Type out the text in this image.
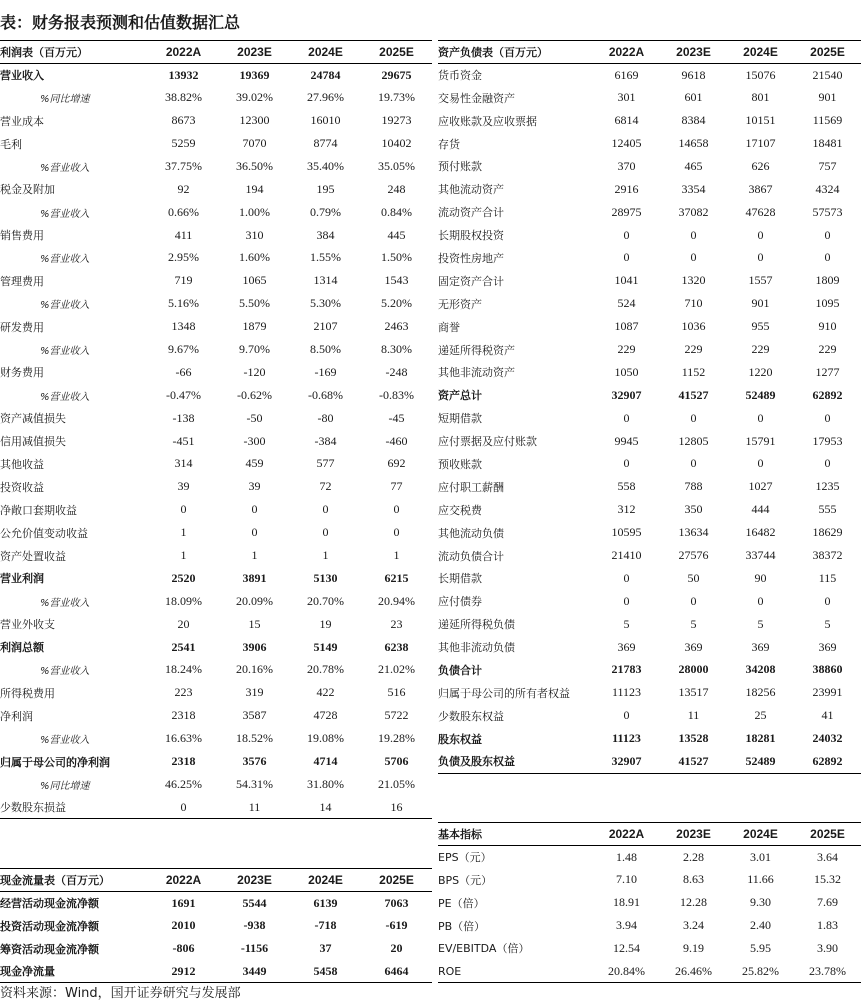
表：财务报表预测和估值数据汇总
利润表（百万元）	2022A	2023E	2024E	2025E
营业收入	13932	19369	24784	29675
%同比增速	38.82%	39.02%	27.96%	19.73%
营业成本	8673	12300	16010	19273
毛利	5259	7070	8774	10402
%营业收入	37.75%	36.50%	35.40%	35.05%
税金及附加	92	194	195	248
%营业收入	0.66%	1.00%	0.79%	0.84%
销售费用	411	310	384	445
%营业收入	2.95%	1.60%	1.55%	1.50%
管理费用	719	1065	1314	1543
%营业收入	5.16%	5.50%	5.30%	5.20%
研发费用	1348	1879	2107	2463
%营业收入	9.67%	9.70%	8.50%	8.30%
财务费用	-66	-120	-169	-248
%营业收入	-0.47%	-0.62%	-0.68%	-0.83%
资产减值损失	-138	-50	-80	-45
信用减值损失	-451	-300	-384	-460
其他收益	314	459	577	692
投资收益	39	39	72	77
净敞口套期收益	0	0	0	0
公允价值变动收益	1	0	0	0
资产处置收益	1	1	1	1
营业利润	2520	3891	5130	6215
%营业收入	18.09%	20.09%	20.70%	20.94%
营业外收支	20	15	19	23
利润总额	2541	3906	5149	6238
%营业收入	18.24%	20.16%	20.78%	21.02%
所得税费用	223	319	422	516
净利润	2318	3587	4728	5722
%营业收入	16.63%	18.52%	19.08%	19.28%
归属于母公司的净利润	2318	3576	4714	5706
%同比增速	46.25%	54.31%	31.80%	21.05%
少数股东损益	0	11	14	16
资产负债表（百万元）	2022A	2023E	2024E	2025E
货币资金	6169	9618	15076	21540
交易性金融资产	301	601	801	901
应收账款及应收票据	6814	8384	10151	11569
存货	12405	14658	17107	18481
预付账款	370	465	626	757
其他流动资产	2916	3354	3867	4324
流动资产合计	28975	37082	47628	57573
长期股权投资	0	0	0	0
投资性房地产	0	0	0	0
固定资产合计	1041	1320	1557	1809
无形资产	524	710	901	1095
商誉	1087	1036	955	910
递延所得税资产	229	229	229	229
其他非流动资产	1050	1152	1220	1277
资产总计	32907	41527	52489	62892
短期借款	0	0	0	0
应付票据及应付账款	9945	12805	15791	17953
预收账款	0	0	0	0
应付职工薪酬	558	788	1027	1235
应交税费	312	350	444	555
其他流动负债	10595	13634	16482	18629
流动负债合计	21410	27576	33744	38372
长期借款	0	50	90	115
应付债券	0	0	0	0
递延所得税负债	5	5	5	5
其他非流动负债	369	369	369	369
负债合计	21783	28000	34208	38860
归属于母公司的所有者权益	11123	13517	18256	23991
少数股东权益	0	11	25	41
股东权益	11123	13528	18281	24032
负债及股东权益	32907	41527	52489	62892
基本指标	2022A	2023E	2024E	2025E
EPS（元）	1.48	2.28	3.01	3.64
BPS（元）	7.10	8.63	11.66	15.32
PE（倍）	18.91	12.28	9.30	7.69
PB（倍）	3.94	3.24	2.40	1.83
EV/EBITDA（倍）	12.54	9.19	5.95	3.90
ROE	20.84%	26.46%	25.82%	23.78%
现金流量表（百万元）	2022A	2023E	2024E	2025E
经营活动现金流净额	1691	5544	6139	7063
投资活动现金流净额	2010	-938	-718	-619
筹资活动现金流净额	-806	-1156	37	20
现金净流量	2912	3449	5458	6464
资料来源：Wind，国开证券研究与发展部
